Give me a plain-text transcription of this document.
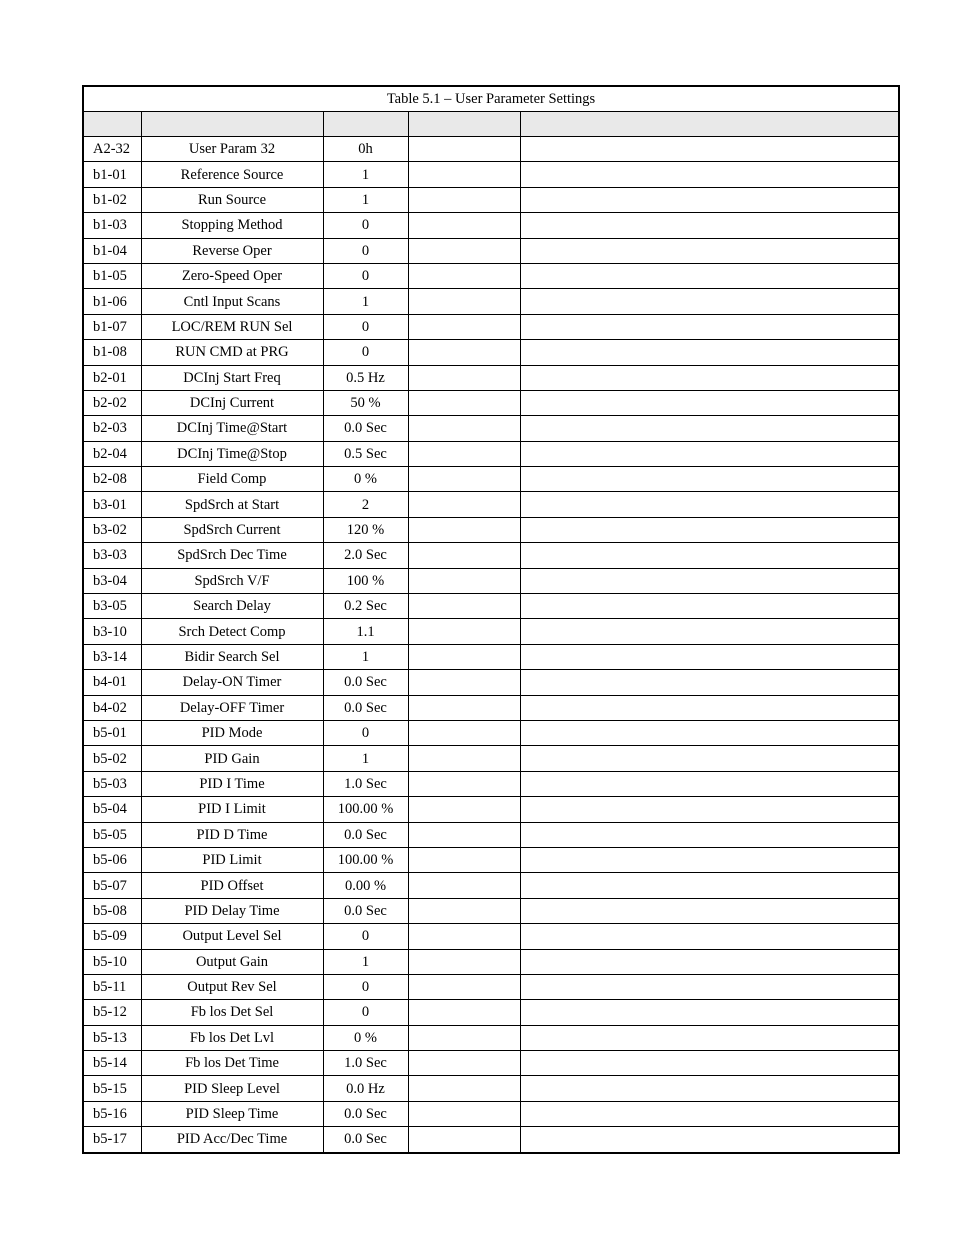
Table 5.1 – User Parameter Settings				

A2-32	User Param 32	0h		
b1-01	Reference Source	1		
b1-02	Run Source	1		
b1-03	Stopping Method	0		
b1-04	Reverse Oper	0		
b1-05	Zero-Speed Oper	0		
b1-06	Cntl Input Scans	1		
b1-07	LOC/REM RUN Sel	0		
b1-08	RUN CMD at PRG	0		
b2-01	DCInj Start Freq	0.5 Hz		
b2-02	DCInj Current	50 %		
b2-03	DCInj Time@Start	0.0 Sec		
b2-04	DCInj Time@Stop	0.5 Sec		
b2-08	Field Comp	0 %		
b3-01	SpdSrch at Start	2		
b3-02	SpdSrch Current	120 %		
b3-03	SpdSrch Dec Time	2.0 Sec		
b3-04	SpdSrch V/F	100 %		
b3-05	Search Delay	0.2 Sec		
b3-10	Srch Detect Comp	1.1		
b3-14	Bidir Search Sel	1		
b4-01	Delay-ON Timer	0.0 Sec		
b4-02	Delay-OFF Timer	0.0 Sec		
b5-01	PID Mode	0		
b5-02	PID Gain	1		
b5-03	PID I Time	1.0 Sec		
b5-04	PID I Limit	100.00 %		
b5-05	PID D Time	0.0 Sec		
b5-06	PID Limit	100.00 %		
b5-07	PID Offset	0.00 %		
b5-08	PID Delay Time	0.0 Sec		
b5-09	Output Level Sel	0		
b5-10	Output Gain	1		
b5-11	Output Rev Sel	0		
b5-12	Fb los Det Sel	0		
b5-13	Fb los Det Lvl	0 %		
b5-14	Fb los Det Time	1.0 Sec		
b5-15	PID Sleep Level	0.0 Hz		
b5-16	PID Sleep Time	0.0 Sec		
b5-17	PID Acc/Dec Time	0.0 Sec		
